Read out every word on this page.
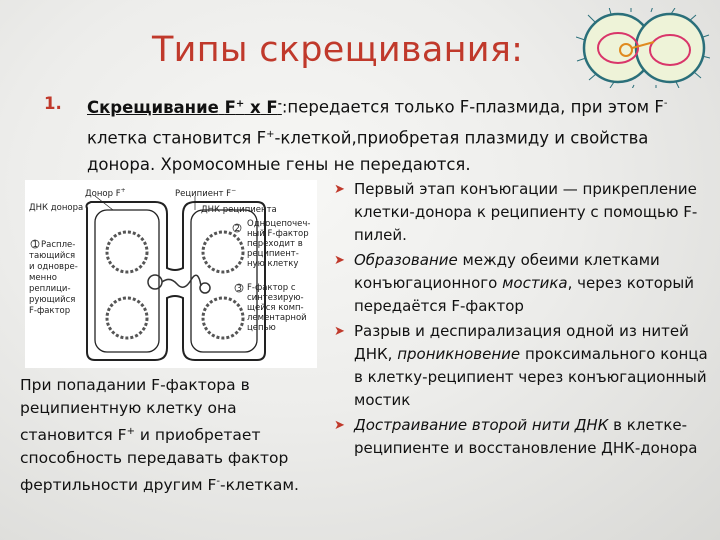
Типы скрещивания:
1. Скрещивание F+ х F-:передается только F-плазмида, при этом F- клетка становится F+-клеткой,приобретая плазмиду и свойства донора. Хромосомные гены не передаются.
Донор F+	Реципиент F−
ДНК донора	ДНК реципиента
2 Одноцепочеч-
ный F-фактор
переходит в
реципиент-
ную клетку
1 Распле-
тающийся
и одновре-
менно
реплици-
рующийся
F-фактор
3 F-фактор с
синтезирую-
щейся комп-
лементарной
цепью
При попадании F-фактора в реципиентную клетку она становится F+ и приобретает способность передавать фактор фертильности другим F--клеткам.
➤ Первый этап конъюгации — прикрепление клетки-донора к реципиенту с помощью F-пилей.
➤ Образование между обеими клетками конъюгационного мостика, через который передаётся F-фактор
➤ Разрыв и деспирализация одной из нитей ДНК, проникновение проксимального конца в клетку-реципиент через конъюгационный мостик
➤ Достраивание второй нити ДНК в клетке-реципиенте и восстановление ДНК-донора
